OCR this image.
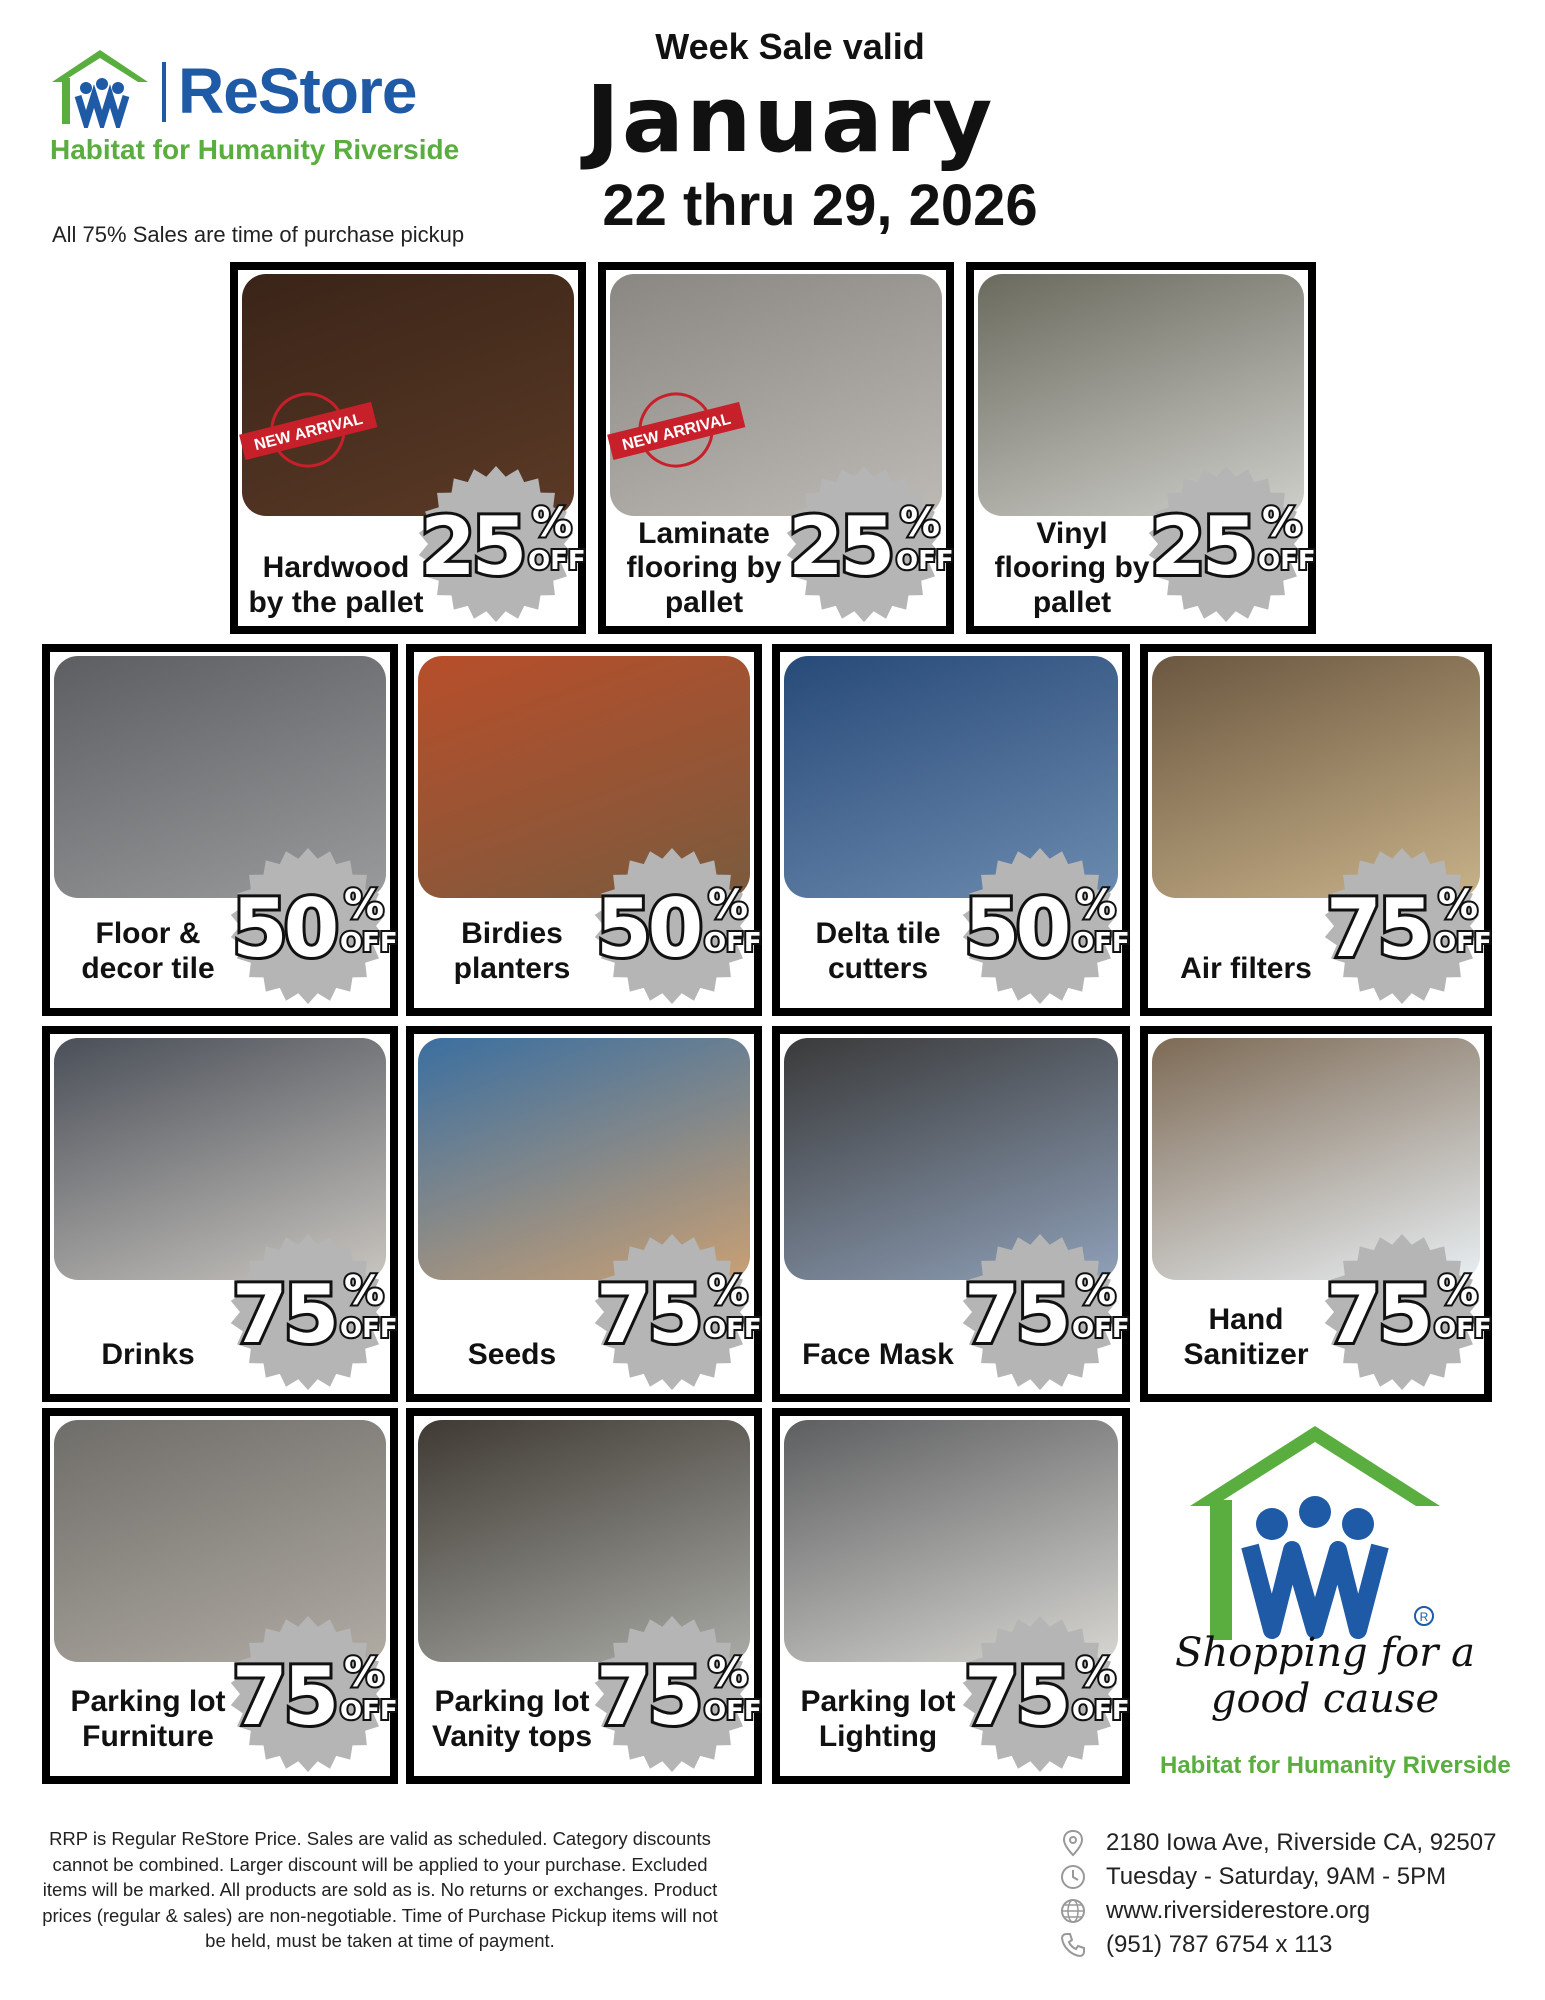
ReStore
Habitat for Humanity Riverside
All 75% Sales are time of purchase pickup
Week Sale valid
January
22 thru 29, 2026
NEW ARRIVAL
Hardwood by the pallet
25 %
OFF
NEW ARRIVAL
Laminate flooring by pallet
25 %
OFF
Vinyl flooring by pallet
25 %
OFF
Floor & decor tile 50 %
OFF	Birdies planters 50 %
OFF	Delta tile cutters 50 %
OFF
Air filters 75 %
OFF
Drinks 75 %
OFF
Seeds 75 %
OFF
Face Mask 75 %
OFF	Hand Sanitizer 75 %
OFF
Parking lot Furniture 75 %
OFF	Parking lot Vanity tops 75 %
OFF	Parking lot Lighting 75 %
OFF
R
Shopping for a
good cause
Habitat for Humanity Riverside
RRP is Regular ReStore Price. Sales are valid as scheduled. Category discounts cannot be combined. Larger discount will be applied to your purchase. Excluded items will be marked. All products are sold as is. No returns or exchanges. Product prices (regular & sales) are non-negotiable. Time of Purchase Pickup items will not be held, must be taken at time of payment.
2180 Iowa Ave, Riverside CA, 92507
Tuesday - Saturday, 9AM - 5PM
www.riversiderestore.org
(951) 787 6754 x 113
